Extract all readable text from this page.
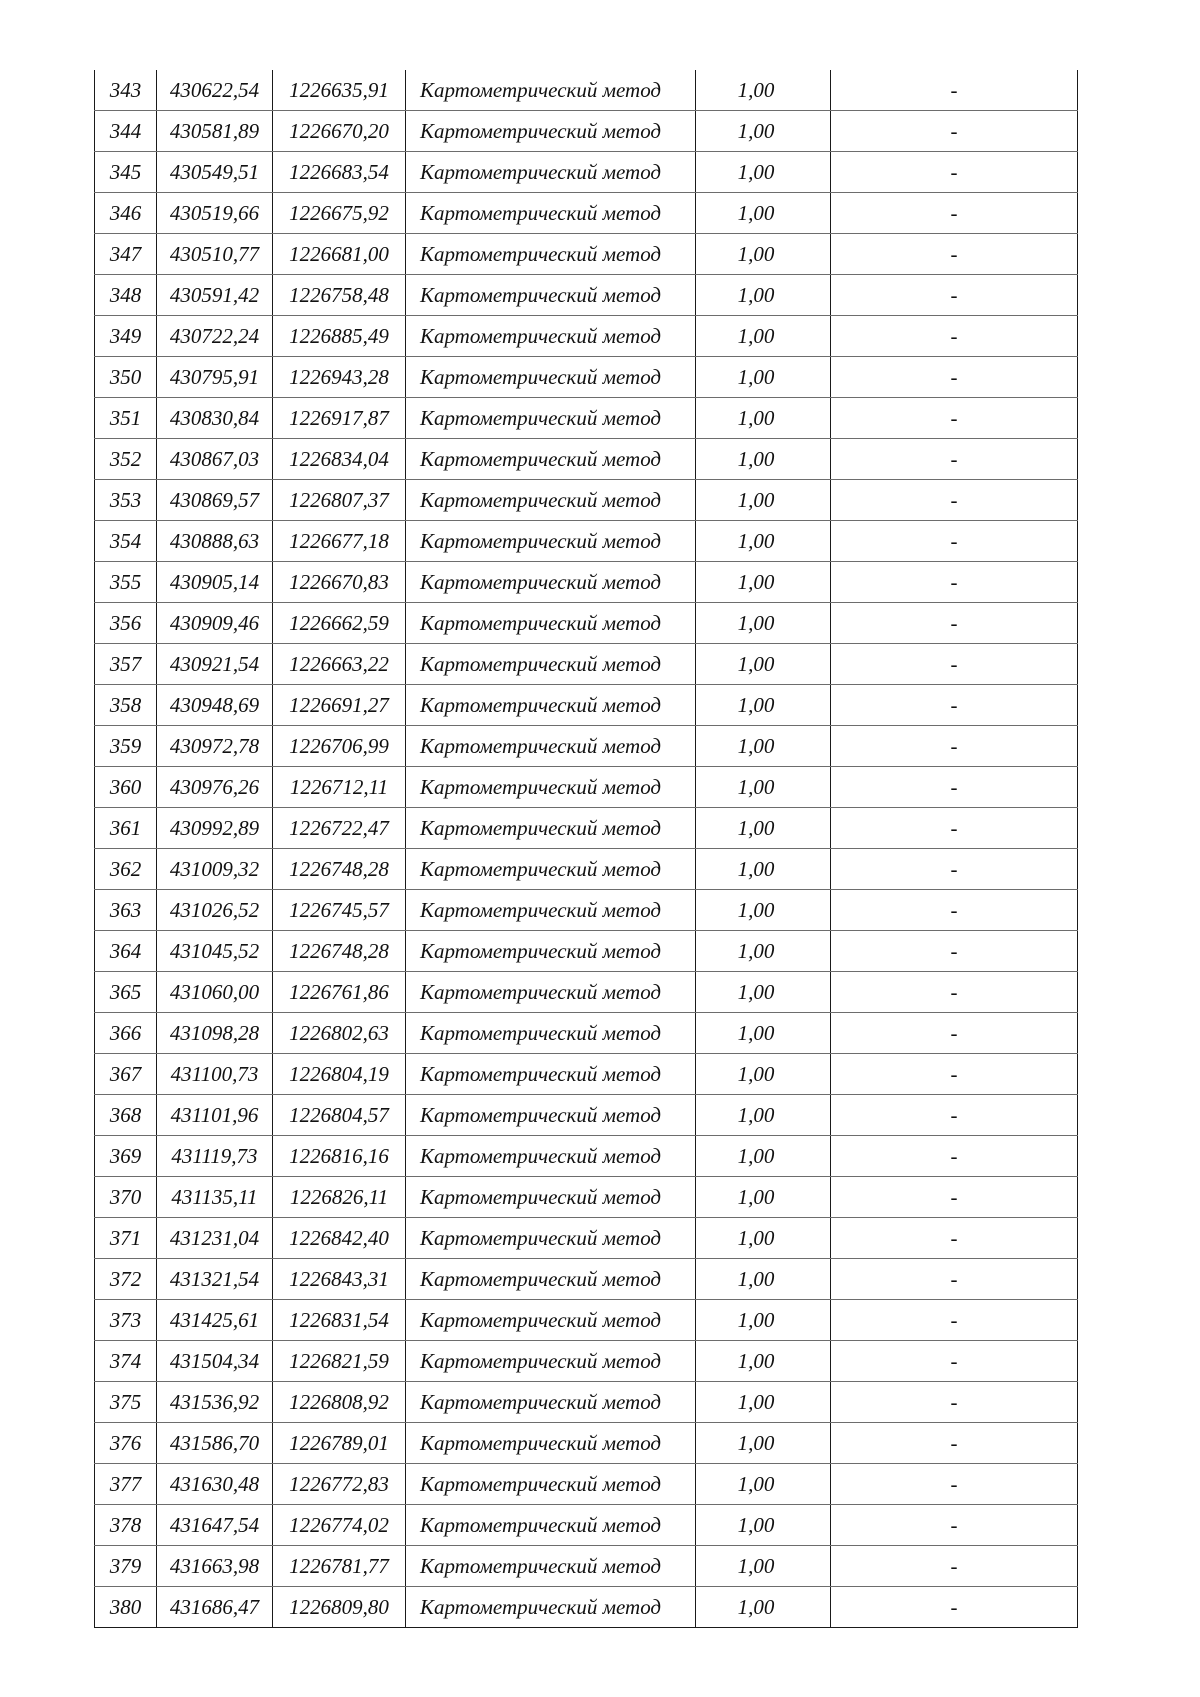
343	430622,54	1226635,91	Картометрический метод	1,00	-
344	430581,89	1226670,20	Картометрический метод	1,00	-
345	430549,51	1226683,54	Картометрический метод	1,00	-
346	430519,66	1226675,92	Картометрический метод	1,00	-
347	430510,77	1226681,00	Картометрический метод	1,00	-
348	430591,42	1226758,48	Картометрический метод	1,00	-
349	430722,24	1226885,49	Картометрический метод	1,00	-
350	430795,91	1226943,28	Картометрический метод	1,00	-
351	430830,84	1226917,87	Картометрический метод	1,00	-
352	430867,03	1226834,04	Картометрический метод	1,00	-
353	430869,57	1226807,37	Картометрический метод	1,00	-
354	430888,63	1226677,18	Картометрический метод	1,00	-
355	430905,14	1226670,83	Картометрический метод	1,00	-
356	430909,46	1226662,59	Картометрический метод	1,00	-
357	430921,54	1226663,22	Картометрический метод	1,00	-
358	430948,69	1226691,27	Картометрический метод	1,00	-
359	430972,78	1226706,99	Картометрический метод	1,00	-
360	430976,26	1226712,11	Картометрический метод	1,00	-
361	430992,89	1226722,47	Картометрический метод	1,00	-
362	431009,32	1226748,28	Картометрический метод	1,00	-
363	431026,52	1226745,57	Картометрический метод	1,00	-
364	431045,52	1226748,28	Картометрический метод	1,00	-
365	431060,00	1226761,86	Картометрический метод	1,00	-
366	431098,28	1226802,63	Картометрический метод	1,00	-
367	431100,73	1226804,19	Картометрический метод	1,00	-
368	431101,96	1226804,57	Картометрический метод	1,00	-
369	431119,73	1226816,16	Картометрический метод	1,00	-
370	431135,11	1226826,11	Картометрический метод	1,00	-
371	431231,04	1226842,40	Картометрический метод	1,00	-
372	431321,54	1226843,31	Картометрический метод	1,00	-
373	431425,61	1226831,54	Картометрический метод	1,00	-
374	431504,34	1226821,59	Картометрический метод	1,00	-
375	431536,92	1226808,92	Картометрический метод	1,00	-
376	431586,70	1226789,01	Картометрический метод	1,00	-
377	431630,48	1226772,83	Картометрический метод	1,00	-
378	431647,54	1226774,02	Картометрический метод	1,00	-
379	431663,98	1226781,77	Картометрический метод	1,00	-
380	431686,47	1226809,80	Картометрический метод	1,00	-
